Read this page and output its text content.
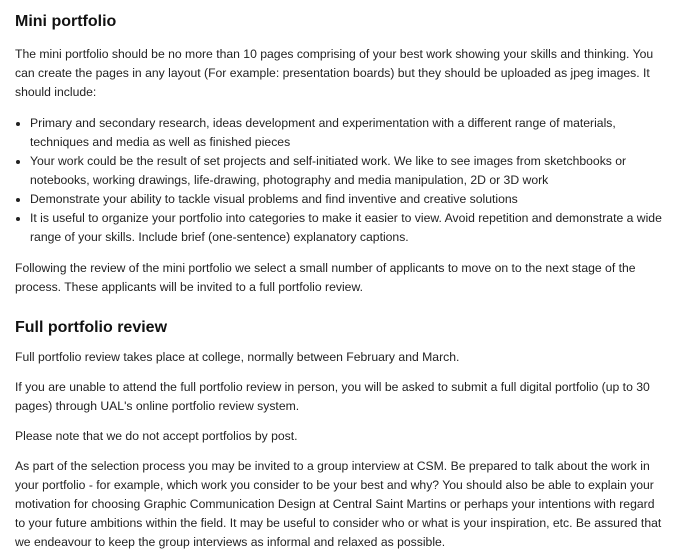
Mini portfolio

The mini portfolio should be no more than 10 pages comprising of your best work showing your skills and thinking. You can create the pages in any layout (For example: presentation boards) but they should be uploaded as jpeg images. It should include:

Primary and secondary research, ideas development and experimentation with a different range of materials, techniques and media as well as finished pieces
Your work could be the result of set projects and self-initiated work. We like to see images from sketchbooks or notebooks, working drawings, life-drawing, photography and media manipulation, 2D or 3D work
Demonstrate your ability to tackle visual problems and find inventive and creative solutions
It is useful to organize your portfolio into categories to make it easier to view. Avoid repetition and demonstrate a wide range of your skills. Include brief (one-sentence) explanatory captions.

Following the review of the mini portfolio we select a small number of applicants to move on to the next stage of the process. These applicants will be invited to a full portfolio review.

Full portfolio review

Full portfolio review takes place at college, normally between February and March.

If you are unable to attend the full portfolio review in person, you will be asked to submit a full digital portfolio (up to 30 pages) through UAL's online portfolio review system.

Please note that we do not accept portfolios by post.

As part of the selection process you may be invited to a group interview at CSM. Be prepared to talk about the work in your portfolio - for example, which work you consider to be your best and why? You should also be able to explain your motivation for choosing Graphic Communication Design at Central Saint Martins or perhaps your intentions with regard to your future ambitions within the field. It may be useful to consider who or what is your inspiration, etc. Be assured that we endeavour to keep the group interviews as informal and relaxed as possible.
